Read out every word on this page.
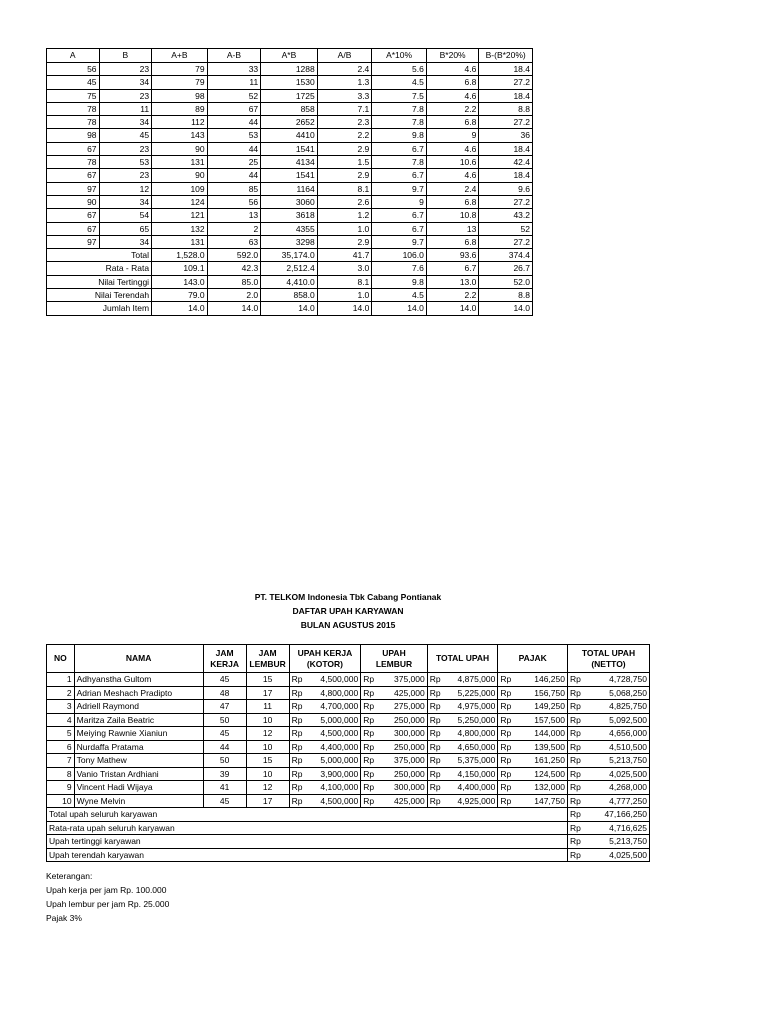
A	B	A+B	A-B	A*B	A/B	A*10%	B*20%	B-(B*20%)
56	23	79	33	1288	2.4	5.6	4.6	18.4
45	34	79	11	1530	1.3	4.5	6.8	27.2
75	23	98	52	1725	3.3	7.5	4.6	18.4
78	11	89	67	858	7.1	7.8	2.2	8.8
78	34	112	44	2652	2.3	7.8	6.8	27.2
98	45	143	53	4410	2.2	9.8	9	36
67	23	90	44	1541	2.9	6.7	4.6	18.4
78	53	131	25	4134	1.5	7.8	10.6	42.4
67	23	90	44	1541	2.9	6.7	4.6	18.4
97	12	109	85	1164	8.1	9.7	2.4	9.6
90	34	124	56	3060	2.6	9	6.8	27.2
67	54	121	13	3618	1.2	6.7	10.8	43.2
67	65	132	2	4355	1.0	6.7	13	52
97	34	131	63	3298	2.9	9.7	6.8	27.2
Total		1,528.0	592.0	35,174.0	41.7	106.0	93.6	374.4
Rata - Rata		109.1	42.3	2,512.4	3.0	7.6	6.7	26.7
Nilai Tertinggi		143.0	85.0	4,410.0	8.1	9.8	13.0	52.0
Nilai Terendah		79.0	2.0	858.0	1.0	4.5	2.2	8.8
Jumlah Item		14.0	14.0	14.0	14.0	14.0	14.0	14.0
PT. TELKOM Indonesia Tbk Cabang Pontianak
DAFTAR UPAH KARYAWAN
BULAN AGUSTUS 2015
NO	NAMA	JAM KERJA	JAM LEMBUR	UPAH KERJA (KOTOR)		UPAH LEMBUR		TOTAL UPAH		PAJAK		TOTAL UPAH (NETTO)	
1	Adhyanstha Gultom	45	15	Rp	4,500,000	Rp	375,000	Rp	4,875,000	Rp	146,250	Rp	4,728,750
2	Adrian Meshach Pradipto	48	17	Rp	4,800,000	Rp	425,000	Rp	5,225,000	Rp	156,750	Rp	5,068,250
3	Adriell Raymond	47	11	Rp	4,700,000	Rp	275,000	Rp	4,975,000	Rp	149,250	Rp	4,825,750
4	Maritza Zaila Beatric	50	10	Rp	5,000,000	Rp	250,000	Rp	5,250,000	Rp	157,500	Rp	5,092,500
5	Meiying Rawnie Xianiun	45	12	Rp	4,500,000	Rp	300,000	Rp	4,800,000	Rp	144,000	Rp	4,656,000
6	Nurdaffa Pratama	44	10	Rp	4,400,000	Rp	250,000	Rp	4,650,000	Rp	139,500	Rp	4,510,500
7	Tony Mathew	50	15	Rp	5,000,000	Rp	375,000	Rp	5,375,000	Rp	161,250	Rp	5,213,750
8	Vanio Tristan Ardhiani	39	10	Rp	3,900,000	Rp	250,000	Rp	4,150,000	Rp	124,500	Rp	4,025,500
9	Vincent Hadi Wijaya	41	12	Rp	4,100,000	Rp	300,000	Rp	4,400,000	Rp	132,000	Rp	4,268,000
10	Wyne Melvin	45	17	Rp	4,500,000	Rp	425,000	Rp	4,925,000	Rp	147,750	Rp	4,777,250
Total upah seluruh karyawan												Rp	47,166,250
Rata-rata upah seluruh karyawan												Rp	4,716,625
Upah tertinggi karyawan												Rp	5,213,750
Upah terendah karyawan												Rp	4,025,500
Keterangan:
Upah kerja per jam Rp. 100.000
Upah lembur per jam Rp. 25.000
Pajak 3%
